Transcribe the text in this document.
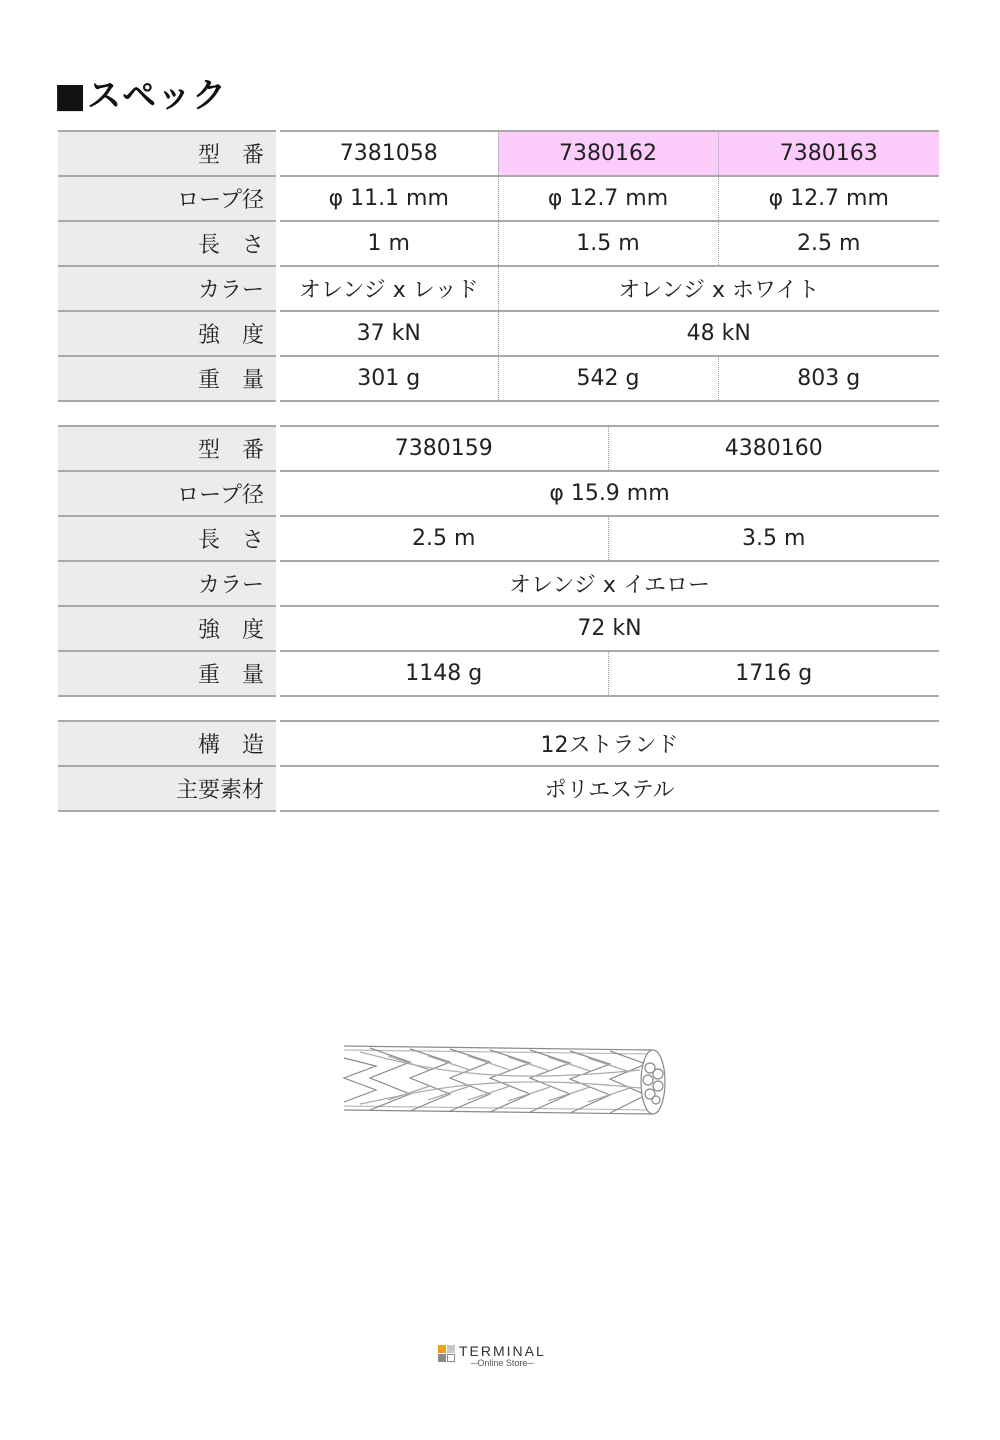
■スペック
型　番	7381058	7380162	7380163
ロープ径	φ 11.1 mm	φ 12.7 mm	φ 12.7 mm
長　さ	1 m	1.5 m	2.5 m
カラー	オレンジ x レッド	オレンジ x ホワイト	
強　度	37 kN	48 kN	
重　量	301 g	542 g	803 g
型　番	7380159	4380160
ロープ径	φ 15.9 mm	
長　さ	2.5 m	3.5 m
カラー	オレンジ x イエロー	
強　度	72 kN	
重　量	1148 g	1716 g
構　造	12ストランド
主要素材	ポリエステル
TERMINAL
─Online Store─
